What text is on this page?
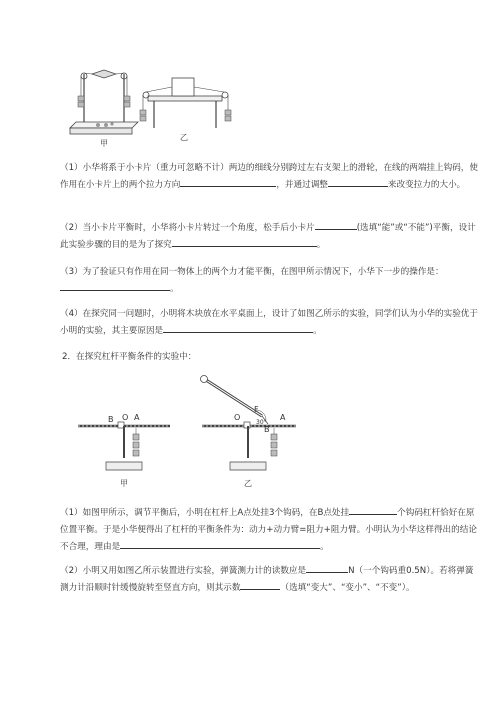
甲
乙
（1）小华将系于小卡片（重力可忽略不计）两边的细线分别跨过左右支架上的滑轮，在线的两端挂上钩码，使作用在小卡片上的两个拉力方向	，并通过调整	来改变拉力的大小。
（2）当小卡片平衡时，小华将小卡片转过一个角度，松手后小卡片	(选填“能”或“不能”)平衡，设计此实验步骤的目的是为了探究	。
（3）为了验证只有作用在同一物体上的两个力才能平衡，在图甲所示情况下，小华下一步的操作是：。
（4）在探究同一问题时，小明将木块放在水平桌面上，设计了如图乙所示的实验，同学们认为小华的实验优于小明的实验，其主要原因是	。
2．在探究杠杆平衡条件的实验中：
B O A
甲
F
30°
O
B
A
乙
（1）如图甲所示，调节平衡后，小明在杠杆上A点处挂3个钩码，在B点处挂	个钩码杠杆恰好在原位置平衡。于是小华便得出了杠杆的平衡条件为：动力+动力臂=阻力+阻力臂。小明认为小华这样得出的结论不合理，理由是	。
（2）小明又用如图乙所示装置进行实验，弹簧测力计的读数应是	N（一个钩码重0.5N）。若将弹簧测力计沿顺时针缓慢旋转至竖直方向，则其示数	（选填“变大”、“变小”、“不变”）。
